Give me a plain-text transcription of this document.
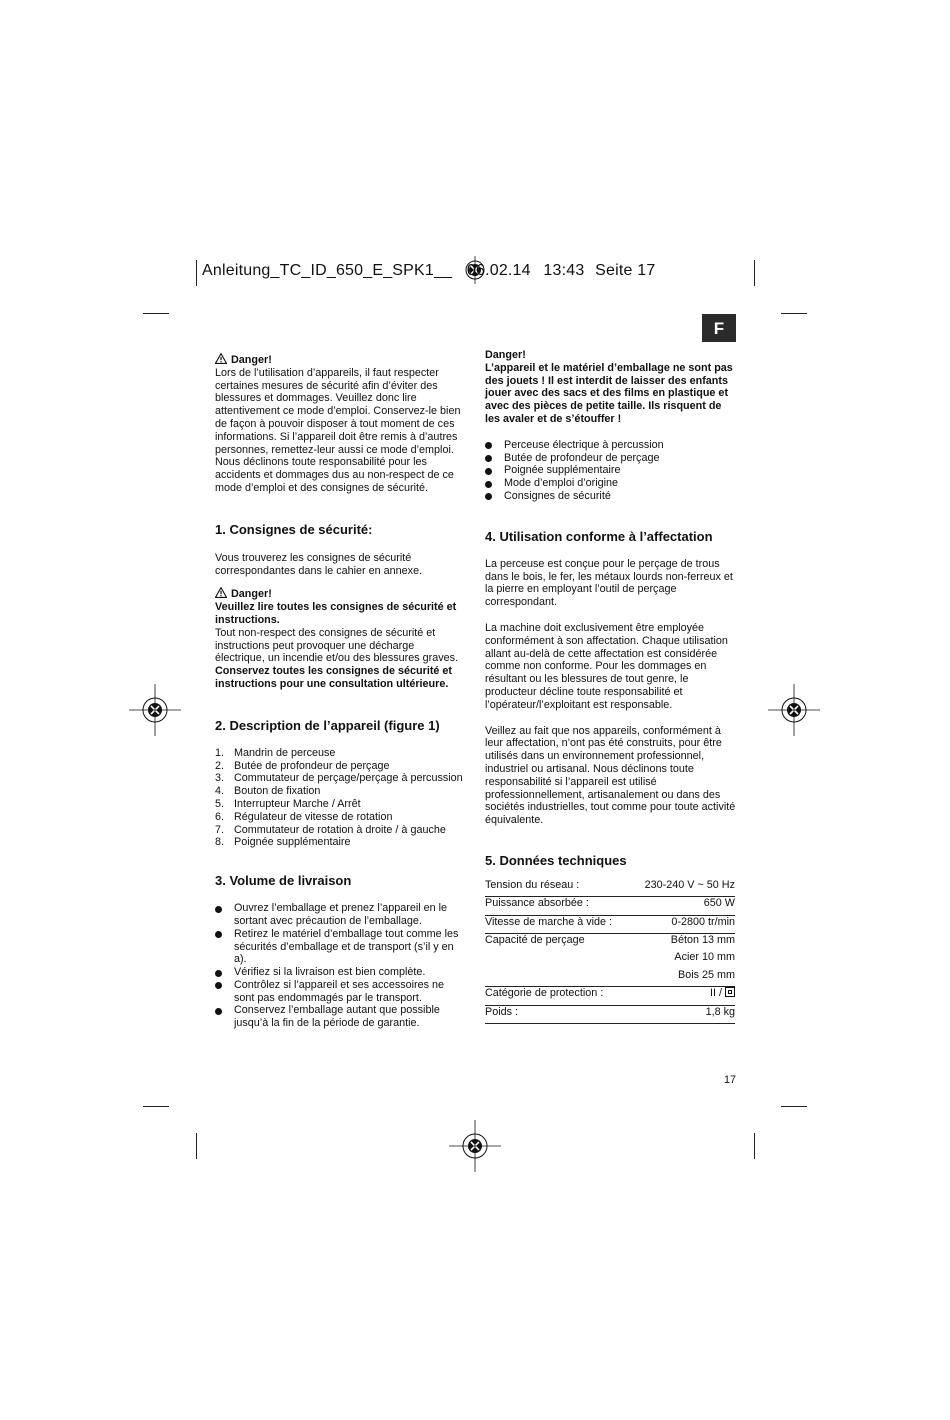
Anleitung_TC_ID_650_E_SPK1__ 06.02.14 13:43 Seite 17
F

Danger!

Lors de l’utilisation d’appareils, il faut respecter certaines mesures de sécurité afin d’éviter des blessures et dommages. Veuillez donc lire attentivement ce mode d’emploi. Conservez-le bien de façon à pouvoir disposer à tout moment de ces informations. Si l’appareil doit être remis à d’autres personnes, remettez-leur aussi ce mode d’emploi. Nous déclinons toute responsabilité pour les accidents et dommages dus au non-respect de ce mode d’emploi et des consignes de sécurité.

1. Consignes de sécurité:

Vous trouverez les consignes de sécurité correspondantes dans le cahier en annexe.

Danger!

Veuillez lire toutes les consignes de sécurité et instructions.

Tout non-respect des consignes de sécurité et instructions peut provoquer une décharge électrique, un incendie et/ou des blessures graves.

Conservez toutes les consignes de sécurité et instructions pour une consultation ultérieure.

2. Description de l’appareil (figure 1)
1. Mandrin de perceuse
2. Butée de profondeur de perçage
3. Commutateur de perçage/perçage à percussion
4. Bouton de fixation
5. Interrupteur Marche / Arrêt
6. Régulateur de vitesse de rotation
7. Commutateur de rotation à droite / à gauche
8. Poignée supplémentaire
3. Volume de livraison
Ouvrez l’emballage et prenez l’appareil en le sortant avec précaution de l’emballage.
Retirez le matériel d’emballage tout comme les sécurités d’emballage et de transport (s’il y en a).
Vérifiez si la livraison est bien complète.
Contrôlez si l’appareil et ses accessoires ne sont pas endommagés par le transport.
Conservez l’emballage autant que possible jusqu’à la fin de la période de garantie.

Danger!

L’appareil et le matériel d’emballage ne sont pas des jouets ! Il est interdit de laisser des enfants jouer avec des sacs et des films en plastique et avec des pièces de petite taille. Ils risquent de les avaler et de s’étouffer !

Perceuse électrique à percussion
Butée de profondeur de perçage
Poignée supplémentaire
Mode d’emploi d’origine
Consignes de sécurité
4. Utilisation conforme à l’affectation

La perceuse est conçue pour le perçage de trous dans le bois, le fer, les métaux lourds non-ferreux et la pierre en employant l’outil de perçage correspondant.

La machine doit exclusivement être employée conformément à son affectation. Chaque utilisation allant au-delà de cette affectation est considérée comme non conforme. Pour les dommages en résultant ou les blessures de tout genre, le producteur décline toute responsabilité et l’opérateur/l’exploitant est responsable.

Veillez au fait que nos appareils, conformément à leur affectation, n’ont pas été construits, pour être utilisés dans un environnement professionnel, industriel ou artisanal. Nous déclinons toute responsabilité si l’appareil est utilisé professionnellement, artisanalement ou dans des sociétés industrielles, tout comme pour toute activité équivalente.

5. Données techniques
Tension du réseau :	230-240 V ~ 50 Hz
Puissance absorbée :	650 W
Vitesse de marche à vide :	0-2800 tr/min
Capacité de perçage	Béton 13 mm
	Acier 10 mm
	Bois 25 mm
Catégorie de protection :	II /
Poids :	1,8 kg
17
